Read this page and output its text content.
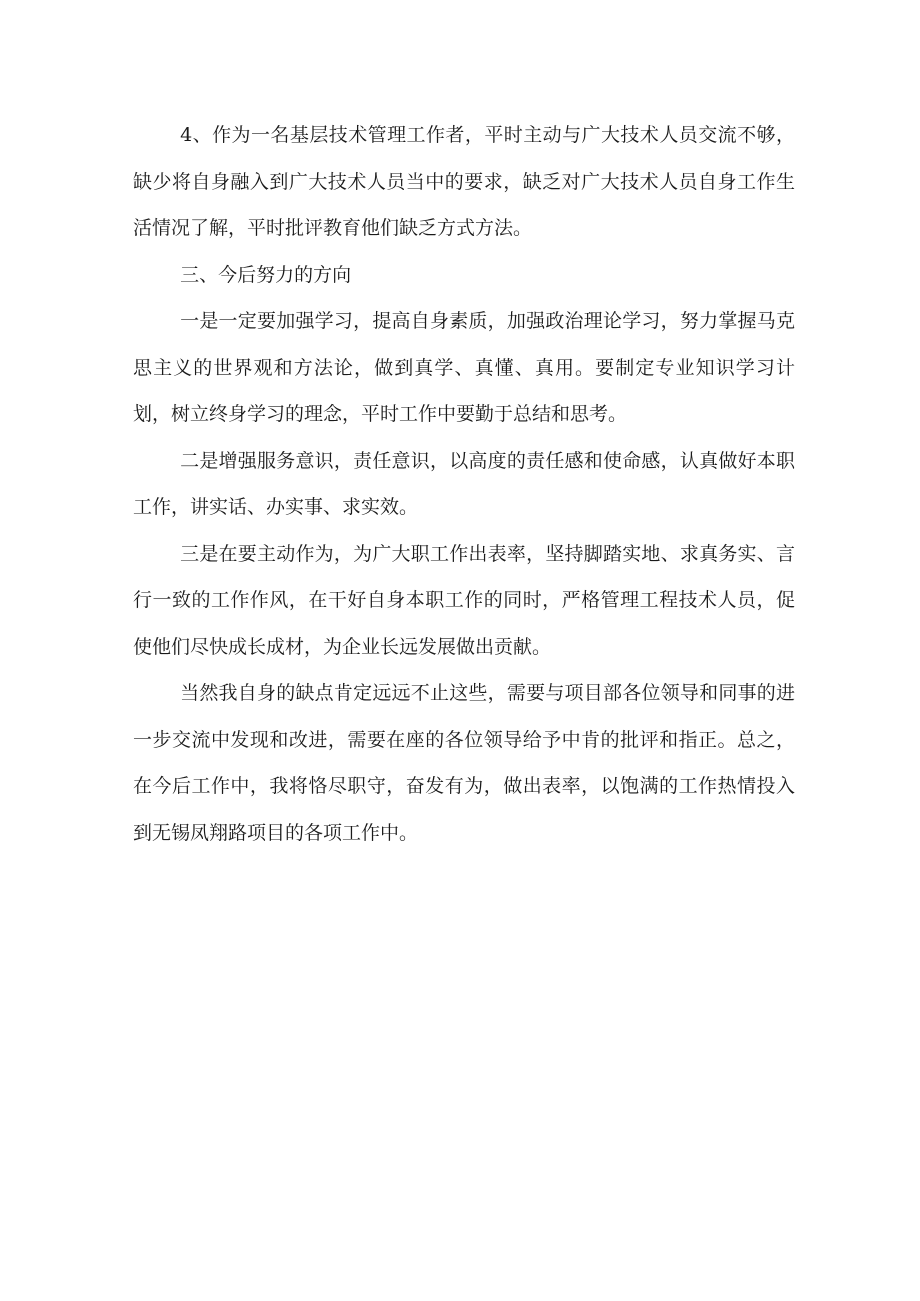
4、作为一名基层技术管理工作者，平时主动与广大技术人员交流不够，缺少将自身融入到广大技术人员当中的要求，缺乏对广大技术人员自身工作生活情况了解，平时批评教育他们缺乏方式方法。

三、今后努力的方向

一是一定要加强学习，提高自身素质，加强政治理论学习，努力掌握马克思主义的世界观和方法论，做到真学、真懂、真用。要制定专业知识学习计划，树立终身学习的理念，平时工作中要勤于总结和思考。

二是增强服务意识，责任意识，以高度的责任感和使命感，认真做好本职工作，讲实话、办实事、求实效。

三是在要主动作为，为广大职工作出表率，坚持脚踏实地、求真务实、言行一致的工作作风，在干好自身本职工作的同时，严格管理工程技术人员，促使他们尽快成长成材，为企业长远发展做出贡献。

当然我自身的缺点肯定远远不止这些，需要与项目部各位领导和同事的进一步交流中发现和改进，需要在座的各位领导给予中肯的批评和指正。总之，在今后工作中，我将恪尽职守，奋发有为，做出表率，以饱满的工作热情投入到无锡凤翔路项目的各项工作中。
